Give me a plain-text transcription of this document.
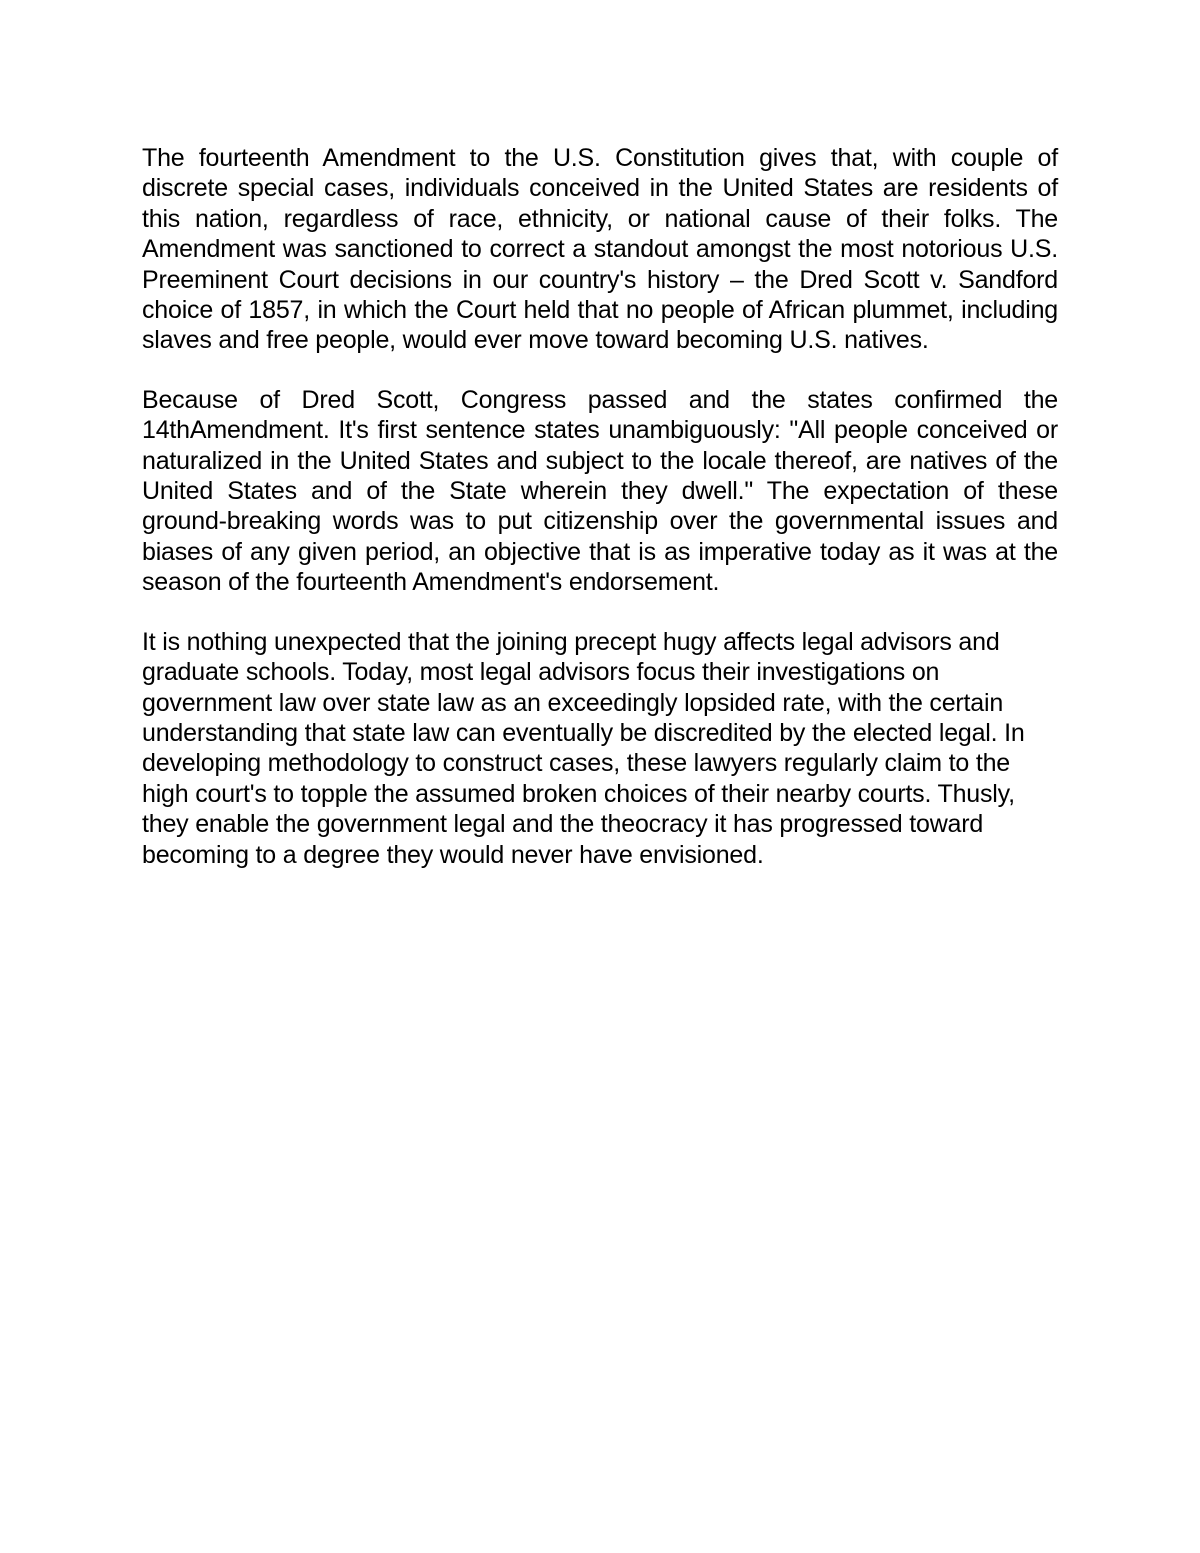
The fourteenth Amendment to the U.S. Constitution gives that, with couple of discrete special cases, individuals conceived in the United States are residents of this nation, regardless of race, ethnicity, or national cause of their folks. The Amendment was sanctioned to correct a standout amongst the most notorious U.S. Preeminent Court decisions in our country's history – the Dred Scott v. Sandford choice of 1857, in which the Court held that no people of African plummet, including slaves and free people, would ever move toward becoming U.S. natives.

Because of Dred Scott, Congress passed and the states confirmed the 14thAmendment. It's first sentence states unambiguously: "All people conceived or naturalized in the United States and subject to the locale thereof, are natives of the United States and of the State wherein they dwell." The expectation of these ground-breaking words was to put citizenship over the governmental issues and biases of any given period, an objective that is as imperative today as it was at the season of the fourteenth Amendment's endorsement.

It is nothing unexpected that the joining precept hugy affects legal advisors and graduate schools. Today, most legal advisors focus their investigations on government law over state law as an exceedingly lopsided rate, with the certain understanding that state law can eventually be discredited by the elected legal. In developing methodology to construct cases, these lawyers regularly claim to the high court's to topple the assumed broken choices of their nearby courts. Thusly, they enable the government legal and the theocracy it has progressed toward becoming to a degree they would never have envisioned.
